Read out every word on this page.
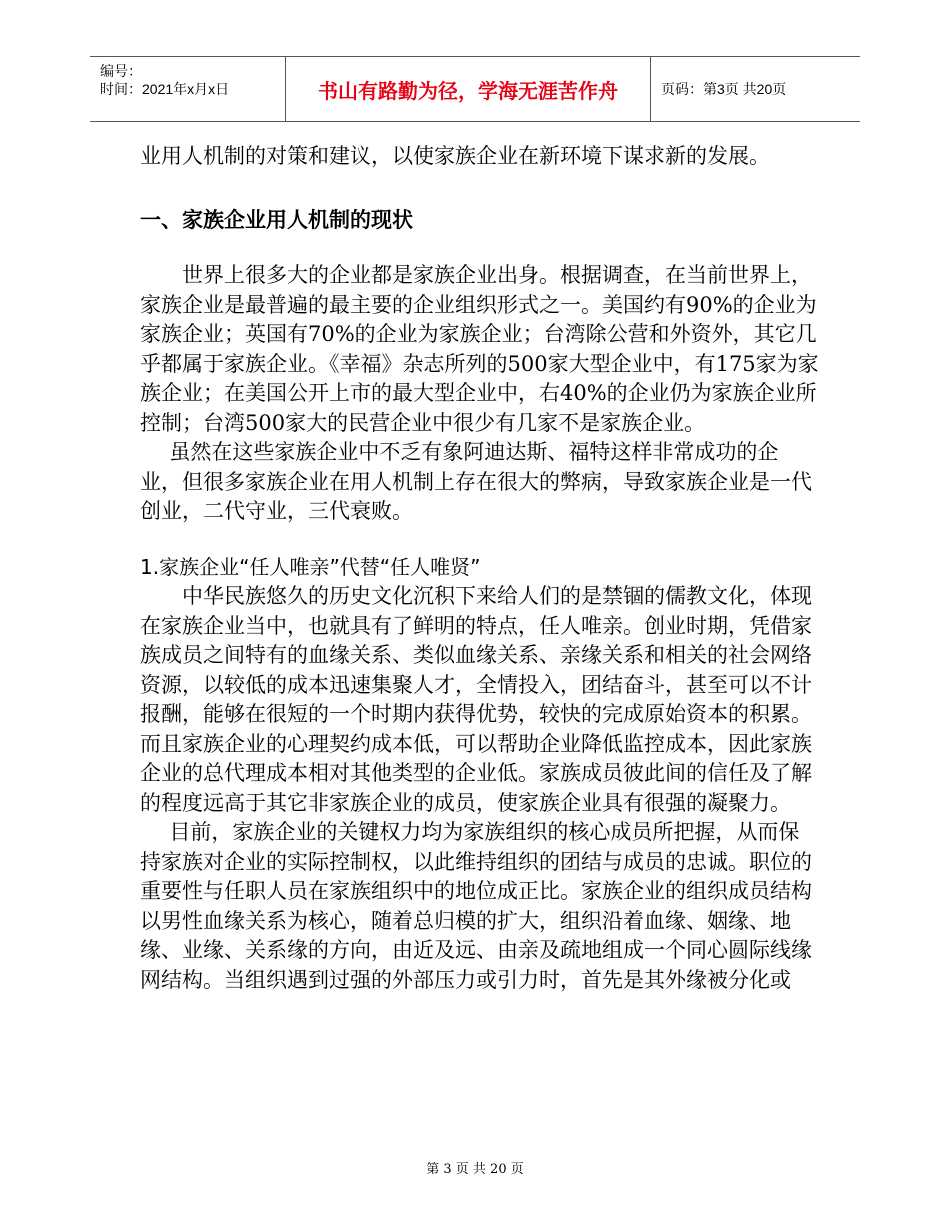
编号：
时间：2021年x月x日	书山有路勤为径，学海无涯苦作舟	页码：第3页 共20页

业用人机制的对策和建议，以使家族企业在新环境下谋求新的发展。

一、家族企业用人机制的现状

世界上很多大的企业都是家族企业出身。根据调查，在当前世界上，家族企业是最普遍的最主要的企业组织形式之一。美国约有90%的企业为家族企业；英国有70%的企业为家族企业；台湾除公营和外资外，其它几乎都属于家族企业。《幸福》杂志所列的500家大型企业中，有175家为家族企业；在美国公开上市的最大型企业中，右40%的企业仍为家族企业所控制；台湾500家大的民营企业中很少有几家不是家族企业。

虽然在这些家族企业中不乏有象阿迪达斯、福特这样非常成功的企业，但很多家族企业在用人机制上存在很大的弊病，导致家族企业是一代创业，二代守业，三代衰败。

1.家族企业“任人唯亲”代替“任人唯贤”

中华民族悠久的历史文化沉积下来给人们的是禁锢的儒教文化，体现在家族企业当中，也就具有了鲜明的特点，任人唯亲。创业时期，凭借家族成员之间特有的血缘关系、类似血缘关系、亲缘关系和相关的社会网络资源，以较低的成本迅速集聚人才，全情投入，团结奋斗，甚至可以不计报酬，能够在很短的一个时期内获得优势，较快的完成原始资本的积累。而且家族企业的心理契约成本低，可以帮助企业降低监控成本，因此家族企业的总代理成本相对其他类型的企业低。家族成员彼此间的信任及了解的程度远高于其它非家族企业的成员，使家族企业具有很强的凝聚力。

目前，家族企业的关键权力均为家族组织的核心成员所把握，从而保持家族对企业的实际控制权，以此维持组织的团结与成员的忠诚。职位的重要性与任职人员在家族组织中的地位成正比。家族企业的组织成员结构以男性血缘关系为核心，随着总归模的扩大，组织沿着血缘、姻缘、地缘、业缘、关系缘的方向，由近及远、由亲及疏地组成一个同心圆际线缘网结构。当组织遇到过强的外部压力或引力时，首先是其外缘被分化或

第 3 页 共 20 页
